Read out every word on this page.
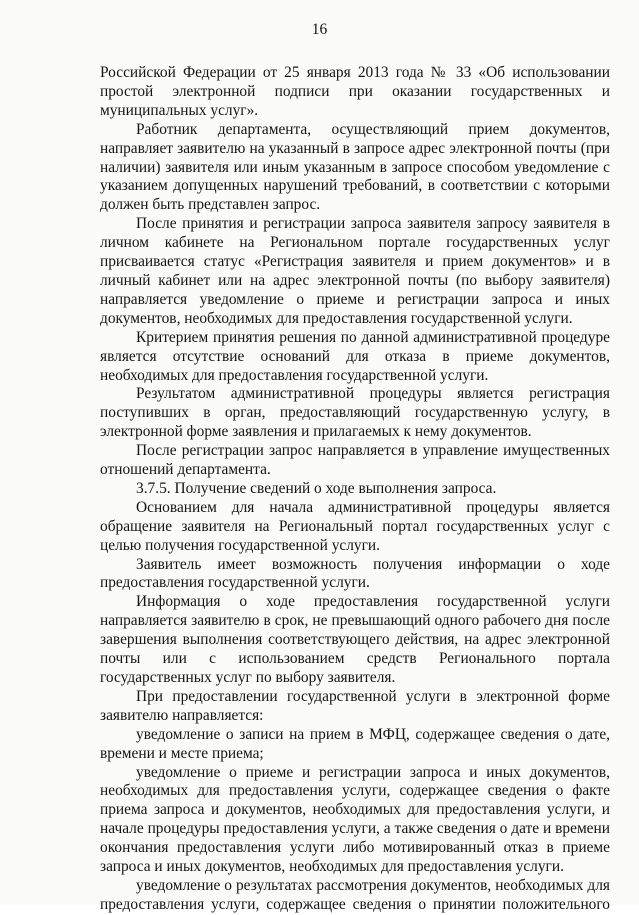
16

Российской Федерации от 25 января 2013 года № 33 «Об использовании простой электронной подписи при оказании государственных и муниципальных услуг».

Работник департамента, осуществляющий прием документов, направляет заявителю на указанный в запросе адрес электронной почты (при наличии) заявителя или иным указанным в запросе способом уведомление с указанием допущенных нарушений требований, в соответствии с которыми должен быть представлен запрос.

После принятия и регистрации запроса заявителя запросу заявителя в личном кабинете на Региональном портале государственных услуг присваивается статус «Регистрация заявителя и прием документов» и в личный кабинет или на адрес электронной почты (по выбору заявителя) направляется уведомление о приеме и регистрации запроса и иных документов, необходимых для предоставления государственной услуги.

Критерием принятия решения по данной административной процедуре является отсутствие оснований для отказа в приеме документов, необходимых для предоставления государственной услуги.

Результатом административной процедуры является регистрация поступивших в орган, предоставляющий государственную услугу, в электронной форме заявления и прилагаемых к нему документов.

После регистрации запрос направляется в управление имущественных отношений департамента.

3.7.5. Получение сведений о ходе выполнения запроса.

Основанием для начала административной процедуры является обращение заявителя на Региональный портал государственных услуг с целью получения государственной услуги.

Заявитель имеет возможность получения информации о ходе предоставления государственной услуги.

Информация о ходе предоставления государственной услуги направляется заявителю в срок, не превышающий одного рабочего дня после завершения выполнения соответствующего действия, на адрес электронной почты или с использованием средств Регионального портала государственных услуг по выбору заявителя.

При предоставлении государственной услуги в электронной форме заявителю направляется:

уведомление о записи на прием в МФЦ, содержащее сведения о дате, времени и месте приема;

уведомление о приеме и регистрации запроса и иных документов, необходимых для предоставления услуги, содержащее сведения о факте приема запроса и документов, необходимых для предоставления услуги, и начале процедуры предоставления услуги, а также сведения о дате и времени окончания предоставления услуги либо мотивированный отказ в приеме запроса и иных документов, необходимых для предоставления услуги.

уведомление о результатах рассмотрения документов, необходимых для предоставления услуги, содержащее сведения о принятии положительного
